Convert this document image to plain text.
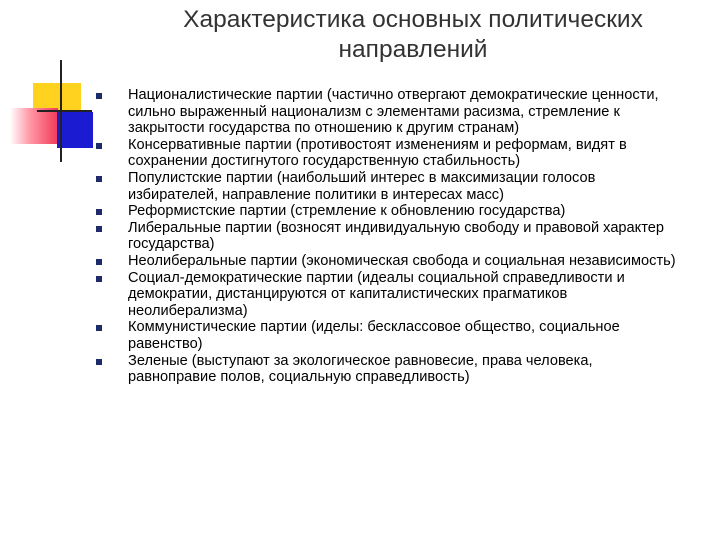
Характеристика основных политических направлений
Националистические партии (частично отвергают демократические ценности, сильно выраженный национализм с элементами расизма, стремление к закрытости государства по отношению к другим странам)
Консервативные партии (противостоят изменениям и реформам, видят в сохранении достигнутого государственную стабильность)
Популистские партии (наибольший интерес в максимизации голосов избирателей, направление политики в интересах масс)
Реформистские партии (стремление к обновлению государства)
Либеральные партии (возносят индивидуальную свободу и правовой характер государства)
Неолиберальные партии (экономическая свобода и социальная независимость)
Социал-демократические партии (идеалы социальной справедливости и демократии, дистанцируются от капиталистических прагматиков неолиберализма)
Коммунистические партии (иделы: бесклассовое общество, социальное равенство)
Зеленые (выступают за экологическое равновесие, права человека, равноправие полов, социальную справедливость)
